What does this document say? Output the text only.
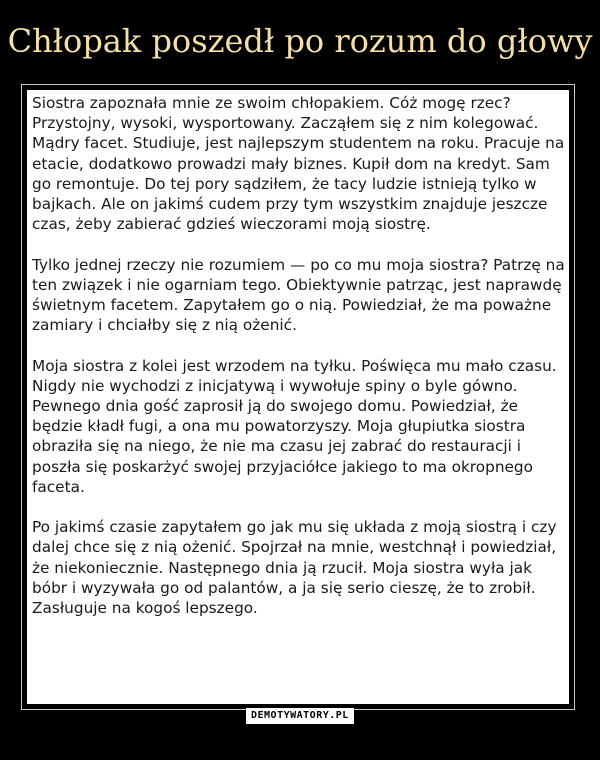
Chłopak poszedł po rozum do głowy

Siostra zapoznała mnie ze swoim chłopakiem. Cóż mogę rzec? Przystojny, wysoki, wysportowany. Zacząłem się z nim kolegować. Mądry facet. Studiuje, jest najlepszym studentem na roku. Pracuje na etacie, dodatkowo prowadzi mały biznes. Kupił dom na kredyt. Sam go remontuje. Do tej pory sądziłem, że tacy ludzie istnieją tylko w bajkach. Ale on jakimś cudem przy tym wszystkim znajduje jeszcze czas, żeby zabierać gdzieś wieczorami moją siostrę.

Tylko jednej rzeczy nie rozumiem — po co mu moja siostra? Patrzę na ten związek i nie ogarniam tego. Obiektywnie patrząc, jest naprawdę świetnym facetem. Zapytałem go o nią. Powiedział, że ma poważne zamiary i chciałby się z nią ożenić.

Moja siostra z kolei jest wrzodem na tyłku. Poświęca mu mało czasu. Nigdy nie wychodzi z inicjatywą i wywołuje spiny o byle gówno. Pewnego dnia gość zaprosił ją do swojego domu. Powiedział, że będzie kładł fugi, a ona mu powatorzyszy. Moja głupiutka siostra obraziła się na niego, że nie ma czasu jej zabrać do restauracji i poszła się poskarżyć swojej przyjaciółce jakiego to ma okropnego faceta.

Po jakimś czasie zapytałem go jak mu się układa z moją siostrą i czy dalej chce się z nią ożenić. Spojrzał na mnie, westchnął i powiedział, że niekoniecznie. Następnego dnia ją rzucił. Moja siostra wyła jak bóbr i wyzywała go od palantów, a ja się serio cieszę, że to zrobił. Zasługuje na kogoś lepszego.

DEMOTYWATORY.PL
